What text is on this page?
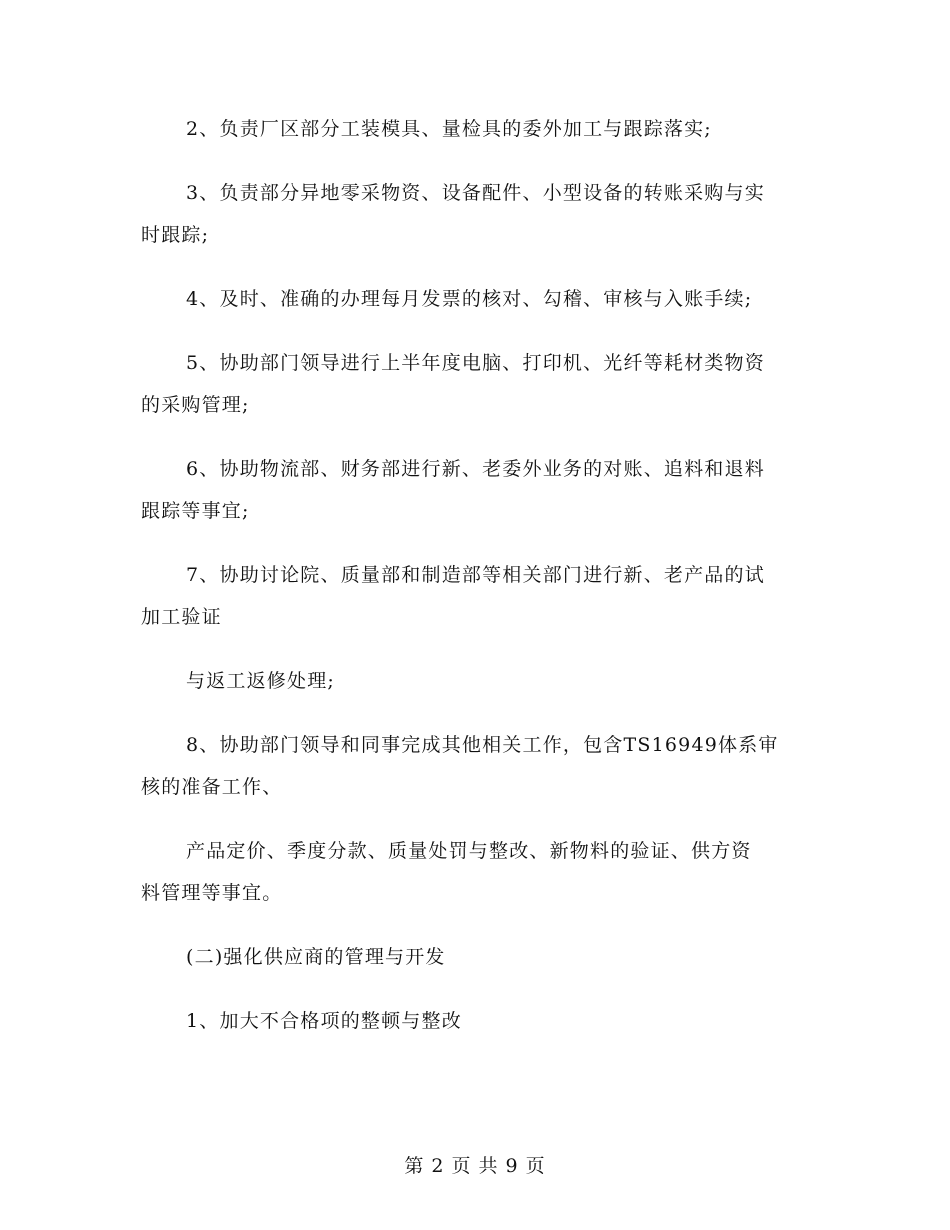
2、负责厂区部分工装模具、量检具的委外加工与跟踪落实;
3、负责部分异地零采物资、设备配件、小型设备的转账采购与实
时跟踪;
4、及时、准确的办理每月发票的核对、勾稽、审核与入账手续;
5、协助部门领导进行上半年度电脑、打印机、光纤等耗材类物资
的采购管理;
6、协助物流部、财务部进行新、老委外业务的对账、追料和退料
跟踪等事宜;
7、协助讨论院、质量部和制造部等相关部门进行新、老产品的试
加工验证
与返工返修处理;
8、协助部门领导和同事完成其他相关工作，包含TS16949体系审
核的准备工作、
产品定价、季度分款、质量处罚与整改、新物料的验证、供方资
料管理等事宜。
(二)强化供应商的管理与开发
1、加大不合格项的整顿与整改
第 2 页 共 9 页
